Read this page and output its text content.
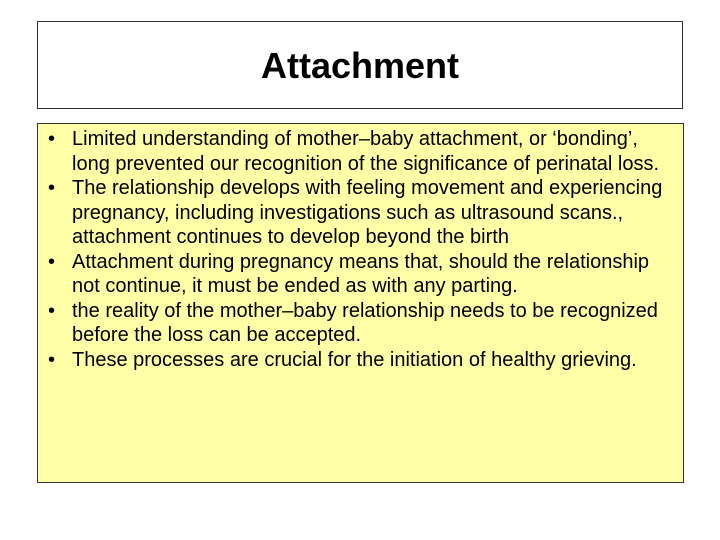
Attachment
• Limited understanding of mother–baby attachment, or ‘bonding’, long prevented our recognition of the significance of perinatal loss.
• The relationship develops with feeling movement and experiencing pregnancy, including investigations such as ultrasound scans., attachment continues to develop beyond the birth
• Attachment during pregnancy means that, should the relationship not continue, it must be ended as with any parting.
• the reality of the mother–baby relationship needs to be recognized before the loss can be accepted.
• These processes are crucial for the initiation of healthy grieving.
